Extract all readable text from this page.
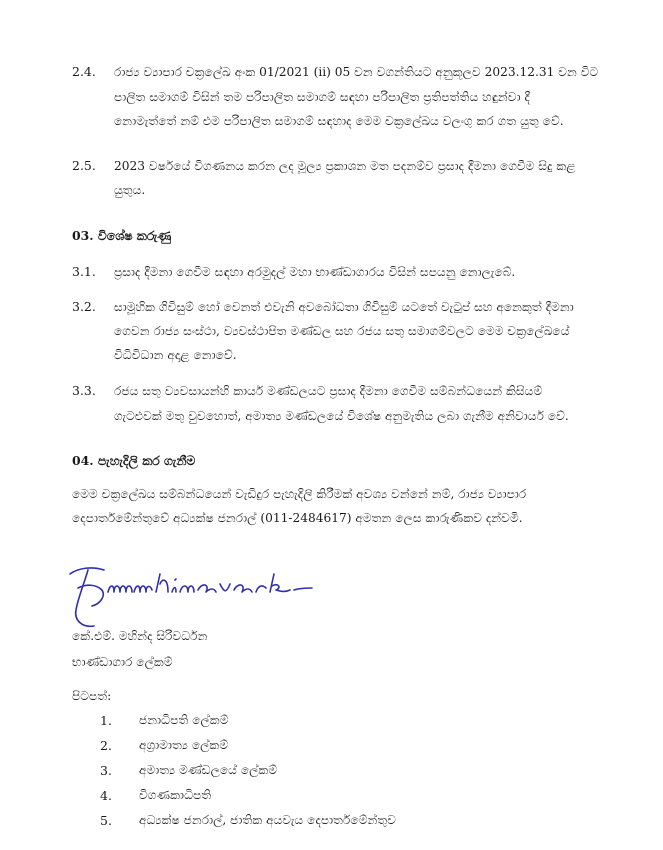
2.4. රාජ්‍ය ව්‍යාපාර චක්‍රලේඛ අංක 01/2021 (ii) 05 වන වගන්තියට අනුකූලව 2023.12.31 වන විට
පාලිත සමාගම් විසින් තම පරිපාලිත සමාගම් සඳහා පරිපාලිත ප්‍රතිපත්තිය හඳුන්වා දී
නොමැත්තේ නම් එම පරිපාලිත සමාගම් සඳහාද මෙම චක්‍රලේඛය වලංගු කර ගත යුතු වේ.
2.5. 2023 වර්ෂයේ විගණනය කරන ලද මූල්‍ය ප්‍රකාශන මත පදනම්ව ප්‍රසාද දීමනා ගෙවීම සිදු කළ
යුතුය.
03. විශේෂ කරුණු
3.1. ප්‍රසාද දීමනා ගෙවීම සඳහා අරමුදල් මහා භාණ්ඩාගාරය විසින් සපයනු නොලැබේ.
3.2. සාමූහික ගිවිසුම් හෝ වෙනත් එවැනි අවබෝධතා ගිවිසුම් යටතේ වැටුප් සහ අනෙකුත් දීමනා
ගෙවන රාජ්‍ය සංස්ථා, ව්‍යවස්ථාපිත මණ්ඩල සහ රජය සතු සමාගම්වලට මෙම චක්‍රලේඛයේ
විධිවිධාන අදාළ නොවේ.
3.3. රජය සතු ව්‍යවසායන්හි කාර්ය මණ්ඩලයට ප්‍රසාද දීමනා ගෙවීම සම්බන්ධයෙන් කිසියම්
ගැටළුවක් මතු වුවහොත්, අමාත්‍ය මණ්ඩලයේ විශේෂ අනුමැතිය ලබා ගැනීම අනිවාර්ය වේ.
04. පැහැදිලි කර ගැනීම
මෙම චක්‍රලේඛය සම්බන්ධයෙන් වැඩිදුර පැහැදිලි කිරීමක් අවශ්‍ය වන්නේ නම්, රාජ්‍ය ව්‍යාපාර
දෙපාර්තමේන්තුවේ අධ්‍යක්ෂ ජනරාල් (011-2484617) අමතන ලෙස කාරුණිකව දන්වමි.
කේ.එම්. මහින්ද සිරිවර්ධන
භාණ්ඩාගාර ලේකම්
පිටපත්:
1. ජනාධිපති ලේකම්
2. අග්‍රාමාත්‍ය ලේකම්
3. අමාත්‍ය මණ්ඩලයේ ලේකම්
4. විගණකාධිපති
5. අධ්‍යක්ෂ ජනරාල්, ජාතික අයවැය දෙපාර්තමේන්තුව
